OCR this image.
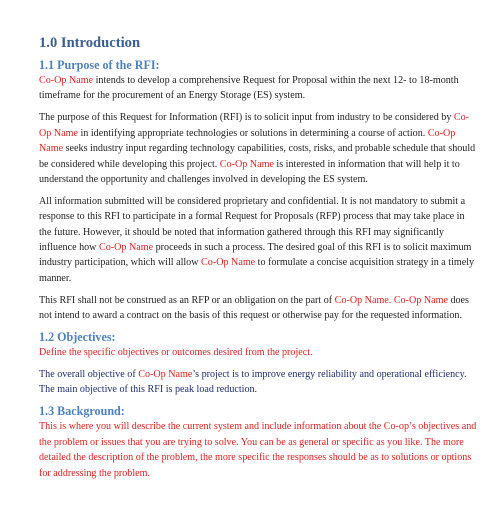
1.0 Introduction
1.1 Purpose of the RFI:

Co-Op Name intends to develop a comprehensive Request for Proposal within the next 12- to 18-month timeframe for the procurement of an Energy Storage (ES) system.

The purpose of this Request for Information (RFI) is to solicit input from industry to be considered by Co-Op Name in identifying appropriate technologies or solutions in determining a course of action. Co-Op Name seeks industry input regarding technology capabilities, costs, risks, and probable schedule that should be considered while developing this project. Co-Op Name is interested in information that will help it to understand the opportunity and challenges involved in developing the ES system.

All information submitted will be considered proprietary and confidential. It is not mandatory to submit a response to this RFI to participate in a formal Request for Proposals (RFP) process that may take place in the future. However, it should be noted that information gathered through this RFI may significantly influence how Co-Op Name proceeds in such a process. The desired goal of this RFI is to solicit maximum industry participation, which will allow Co-Op Name to formulate a concise acquisition strategy in a timely manner.

This RFI shall not be construed as an RFP or an obligation on the part of Co-Op Name. Co-Op Name does not intend to award a contract on the basis of this request or otherwise pay for the requested information.

1.2 Objectives:

Define the specific objectives or outcomes desired from the project.

The overall objective of Co-Op Name’s project is to improve energy reliability and operational efficiency. The main objective of this RFI is peak load reduction.

1.3 Background:

This is where you will describe the current system and include information about the Co-op’s objectives and the problem or issues that you are trying to solve. You can be as general or specific as you like. The more detailed the description of the problem, the more specific the responses should be as to solutions or options for addressing the problem.
